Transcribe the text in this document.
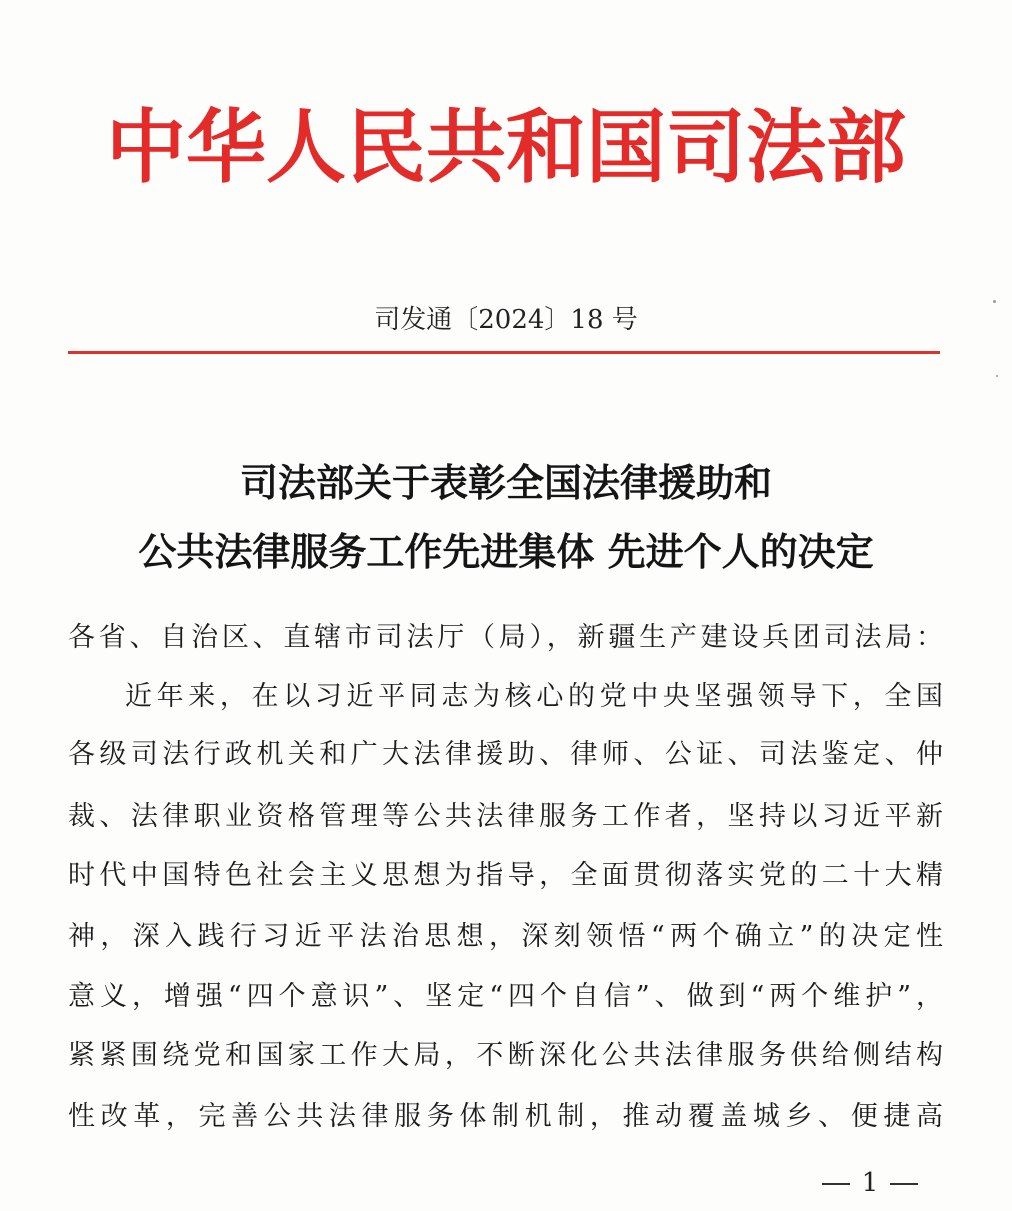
中华人民共和国司法部
司发通〔2024〕18 号
司法部关于表彰全国法律援助和
公共法律服务工作先进集体 先进个人的决定
各省、自治区、直辖市司法厅（局），新疆生产建设兵团司法局：
近年来，在以习近平同志为核心的党中央坚强领导下，全国
各级司法行政机关和广大法律援助、律师、公证、司法鉴定、仲
裁、法律职业资格管理等公共法律服务工作者，坚持以习近平新
时代中国特色社会主义思想为指导，全面贯彻落实党的二十大精
神，深入践行习近平法治思想，深刻领悟“两个确立”的决定性
意义，增强“四个意识”、坚定“四个自信”、做到“两个维护”，
紧紧围绕党和国家工作大局，不断深化公共法律服务供给侧结构
性改革，完善公共法律服务体制机制，推动覆盖城乡、便捷高
1
